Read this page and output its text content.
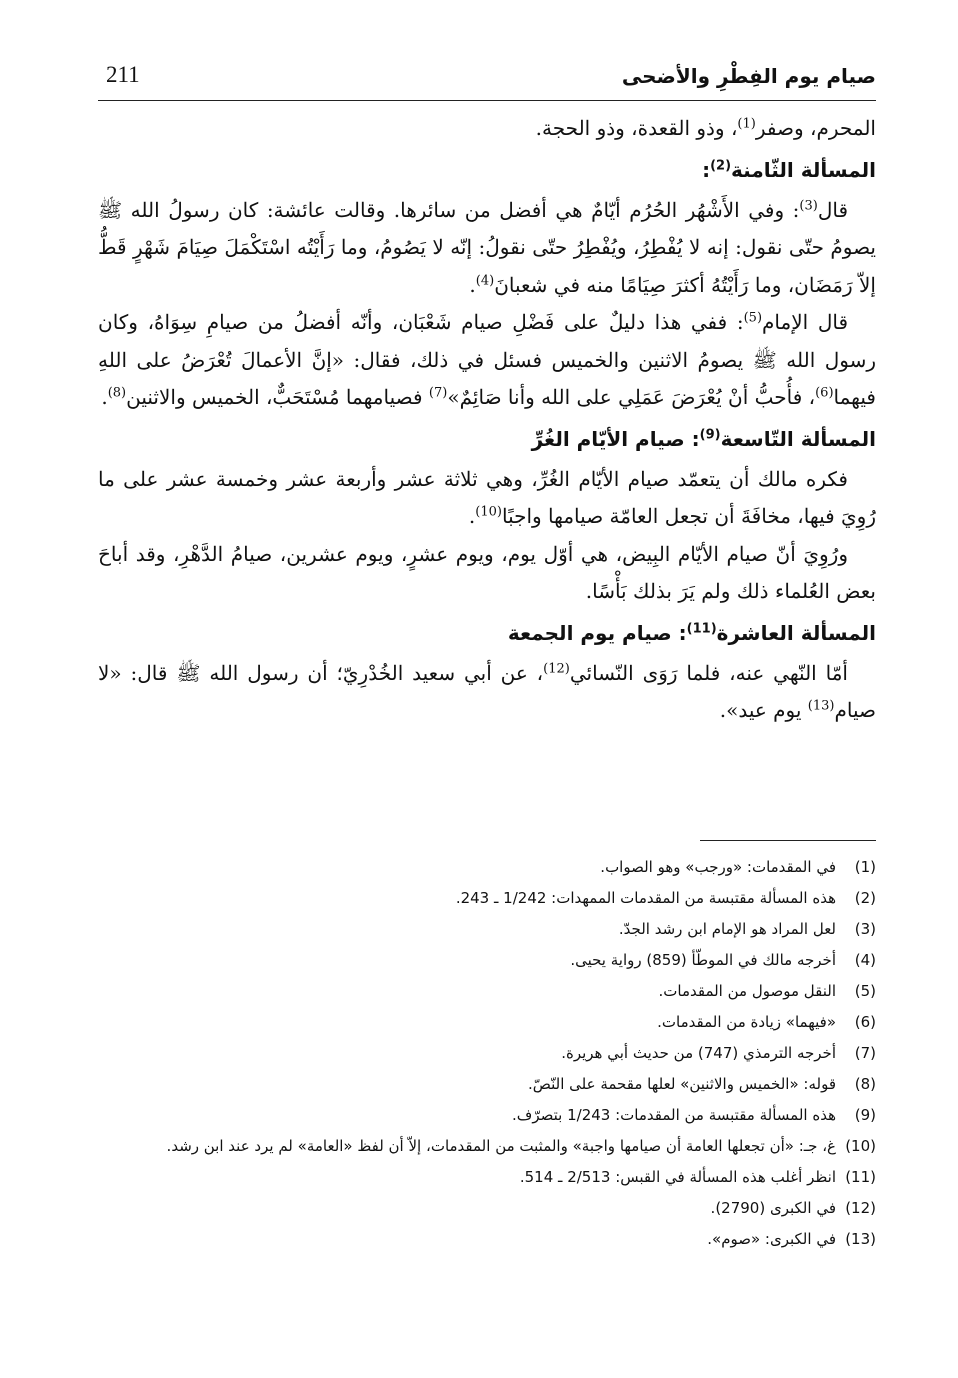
211	صيام يوم الفِطْرِ والأضحى

المحرم، وصفر$^{(1)}$، وذو القعدة، وذو الحجة.

المسألة الثّامنة$^{(2)}$:

قال$^{(3)}$: وفي الأَشْهُر الحُرُم أيّامٌ هي أفضل من سائرها. وقالت عائشة: كان رسولُ الله ﷺ يصومُ حتّى نقول: إنه لا يُفْطِرُ، ويُفْطِرُ حتّى نقولُ: إنّه لا يَصُومُ، وما رَأَيْتُه اسْتَكْمَلَ صِيَامَ شَهْرٍ قَطُّ إلاّ رَمَضَان، وما رَأَيْتُهُ أكثرَ صِيَامًا منه في شعبانَ$^{(4)}$.

قال الإمام$^{(5)}$: ففي هذا دليلٌ على فَضْلِ صيام شَعْبَان، وأنّه أفضلُ من صيامِ سِوَاهُ، وكان رسول الله ﷺ يصومُ الاثنين والخميس فسئل في ذلك، فقال: «إنَّ الأعمالَ تُعْرَضُ على اللهِ فيهما$^{(6)}$، فأُحبُّ أنْ يُعْرَضَ عَمَلِي على الله وأنا صَائِمٌ»$^{(7)}$ فصيامهما مُسْتَحَبٌّ، الخميس والاثنين$^{(8)}$.

المسألة التّاسعة$^{(9)}$: صيام الأيّام الغُرِّ

فكره مالك أن يتعمّد صيام الأيّام الغُرِّ، وهي ثلاثة عشر وأربعة عشر وخمسة عشر على ما رُوِيَ فيها، مخافَةَ أن تجعل العامّة صيامها واجبًا$^{(10)}$.

ورُوِيَ أنّ صيام الأيّام البِيض، هي أوّل يوم، ويوم عشرٍ، ويوم عشرين، صيامُ الدَّهْرِ، وقد أباحَ بعض العُلماء ذلك ولم يَرَ بذلك بَأْسًا.

المسألة العاشرة$^{(11)}$: صيام يوم الجمعة

أمّا النّهي عنه، فلما رَوَى النّسائي$^{(12)}$، عن أبي سعيد الخُدْرِيّ؛ أن رسول الله ﷺ قال: «لا صيام$^{(13)}$ يوم عيد».

(1)
في المقدمات: «ورجب» وهو الصواب.
(2)
هذه المسألة مقتبسة من المقدمات الممهدات: 1/242 ـ 243.
(3)
لعل المراد هو الإمام ابن رشد الجدّ.
(4)
أخرجه مالك في الموطّأ (859) رواية يحيى.
(5)
النقل موصول من المقدمات.
(6)
«فيهما» زيادة من المقدمات.
(7)
أخرجه الترمذي (747) من حديث أبي هريرة.
(8)
قوله: «الخميس والاثنين» لعلها مقحمة على النّصّ.
(9)
هذه المسألة مقتبسة من المقدمات: 1/243 بتصرّف.
(10)
غ، جـ: «أن تجعلها العامة أن صيامها واجبة» والمثبت من المقدمات، إلاّ أن لفظ «العامة» لم يرد عند ابن رشد.
(11)
انظر أغلب هذه المسألة في القبس: 2/513 ـ 514.
(12)
في الكبرى (2790).
(13)
في الكبرى: «صوم».
